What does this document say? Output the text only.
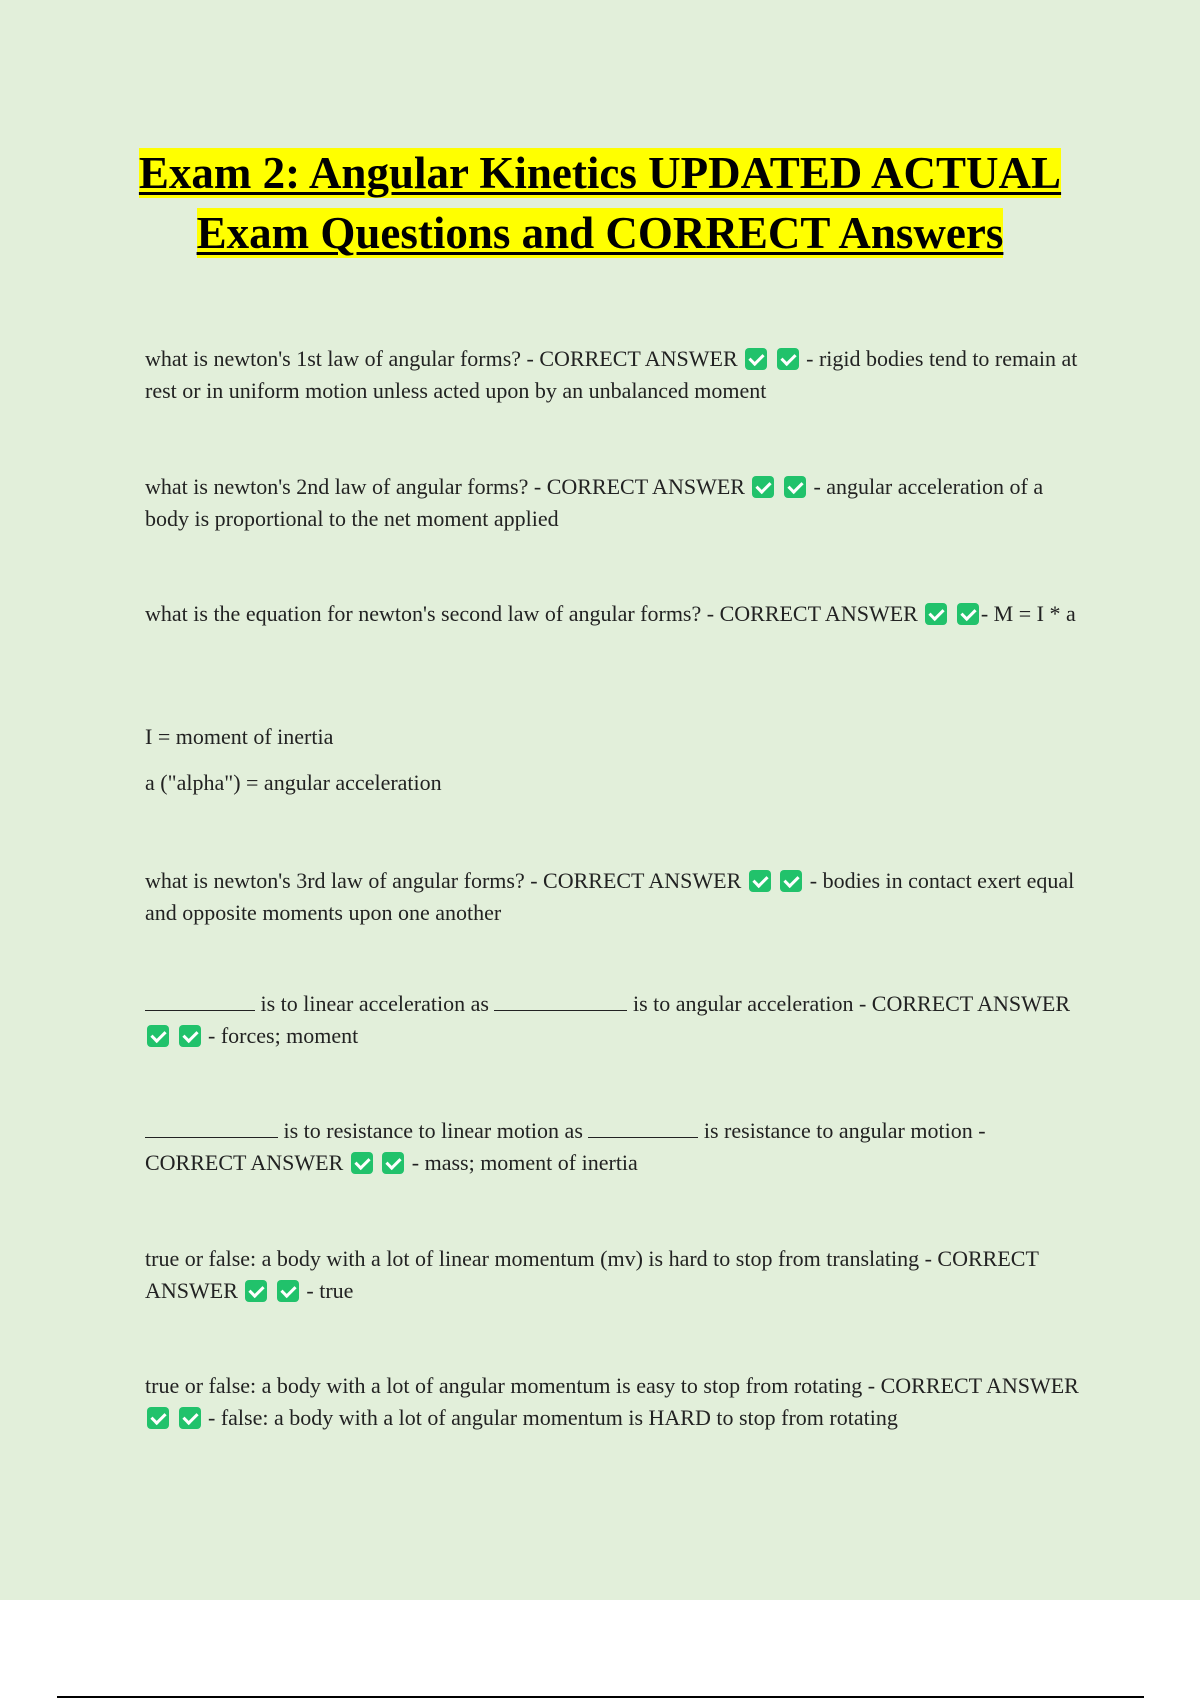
Exam 2: Angular Kinetics UPDATED ACTUAL Exam Questions and CORRECT Answers

what is newton's 1st law of angular forms? - CORRECT ANSWER	- rigid bodies tend to remain at rest or in uniform motion unless acted upon by an unbalanced moment

what is newton's 2nd law of angular forms? - CORRECT ANSWER	- angular acceleration of a body is proportional to the net moment applied

what is the equation for newton's second law of angular forms? - CORRECT ANSWER	- M = I * a

I = moment of inertia

a ("alpha") = angular acceleration

what is newton's 3rd law of angular forms? - CORRECT ANSWER	- bodies in contact exert equal and opposite moments upon one another

is to linear acceleration as	is to angular acceleration - CORRECT ANSWER   - forces; moment

is to resistance to linear motion as	is resistance to angular motion - CORRECT ANSWER	- mass; moment of inertia

true or false: a body with a lot of linear momentum (mv) is hard to stop from translating - CORRECT ANSWER	- true

true or false: a body with a lot of angular momentum is easy to stop from rotating - CORRECT ANSWER   - false: a body with a lot of angular momentum is HARD to stop from rotating
